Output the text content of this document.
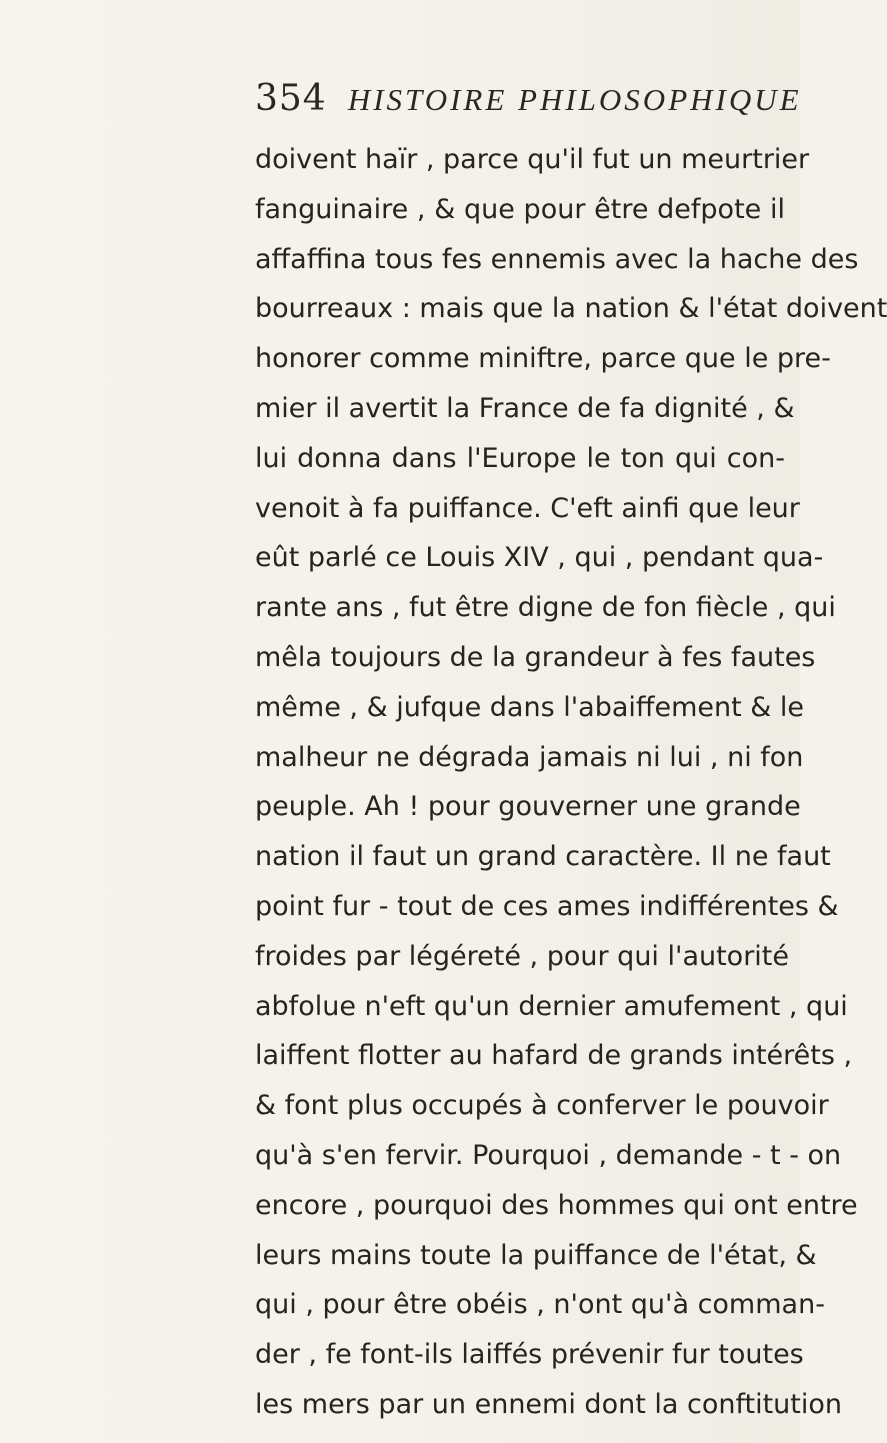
354 HISTOIRE PHILOSOPHIQUE
doivent haïr , parce qu'il fut un meurtrier
fanguinaire , & que pour être defpote il
affaffina tous fes ennemis avec la hache des
bourreaux : mais que la nation & l'état doivent
honorer comme miniftre, parce que le pre-
mier il avertit la France de fa dignité , &
lui donna dans l'Europe le ton qui con-
venoit à fa puiffance. C'eft ainfi que leur
eût parlé ce Louis XIV , qui , pendant qua-
rante ans , fut être digne de fon fiècle , qui
mêla toujours de la grandeur à fes fautes
même , & jufque dans l'abaiffement & le
malheur ne dégrada jamais ni lui , ni fon
peuple. Ah ! pour gouverner une grande
nation il faut un grand caractère. Il ne faut
point fur - tout de ces ames indifférentes &
froides par légéreté , pour qui l'autorité
abfolue n'eft qu'un dernier amufement , qui
laiffent flotter au hafard de grands intérêts ,
& font plus occupés à conferver le pouvoir
qu'à s'en fervir. Pourquoi , demande - t - on
encore , pourquoi des hommes qui ont entre
leurs mains toute la puiffance de l'état, &
qui , pour être obéis , n'ont qu'à comman-
der , fe font-ils laiffés prévenir fur toutes
les mers par un ennemi dont la conftitution
